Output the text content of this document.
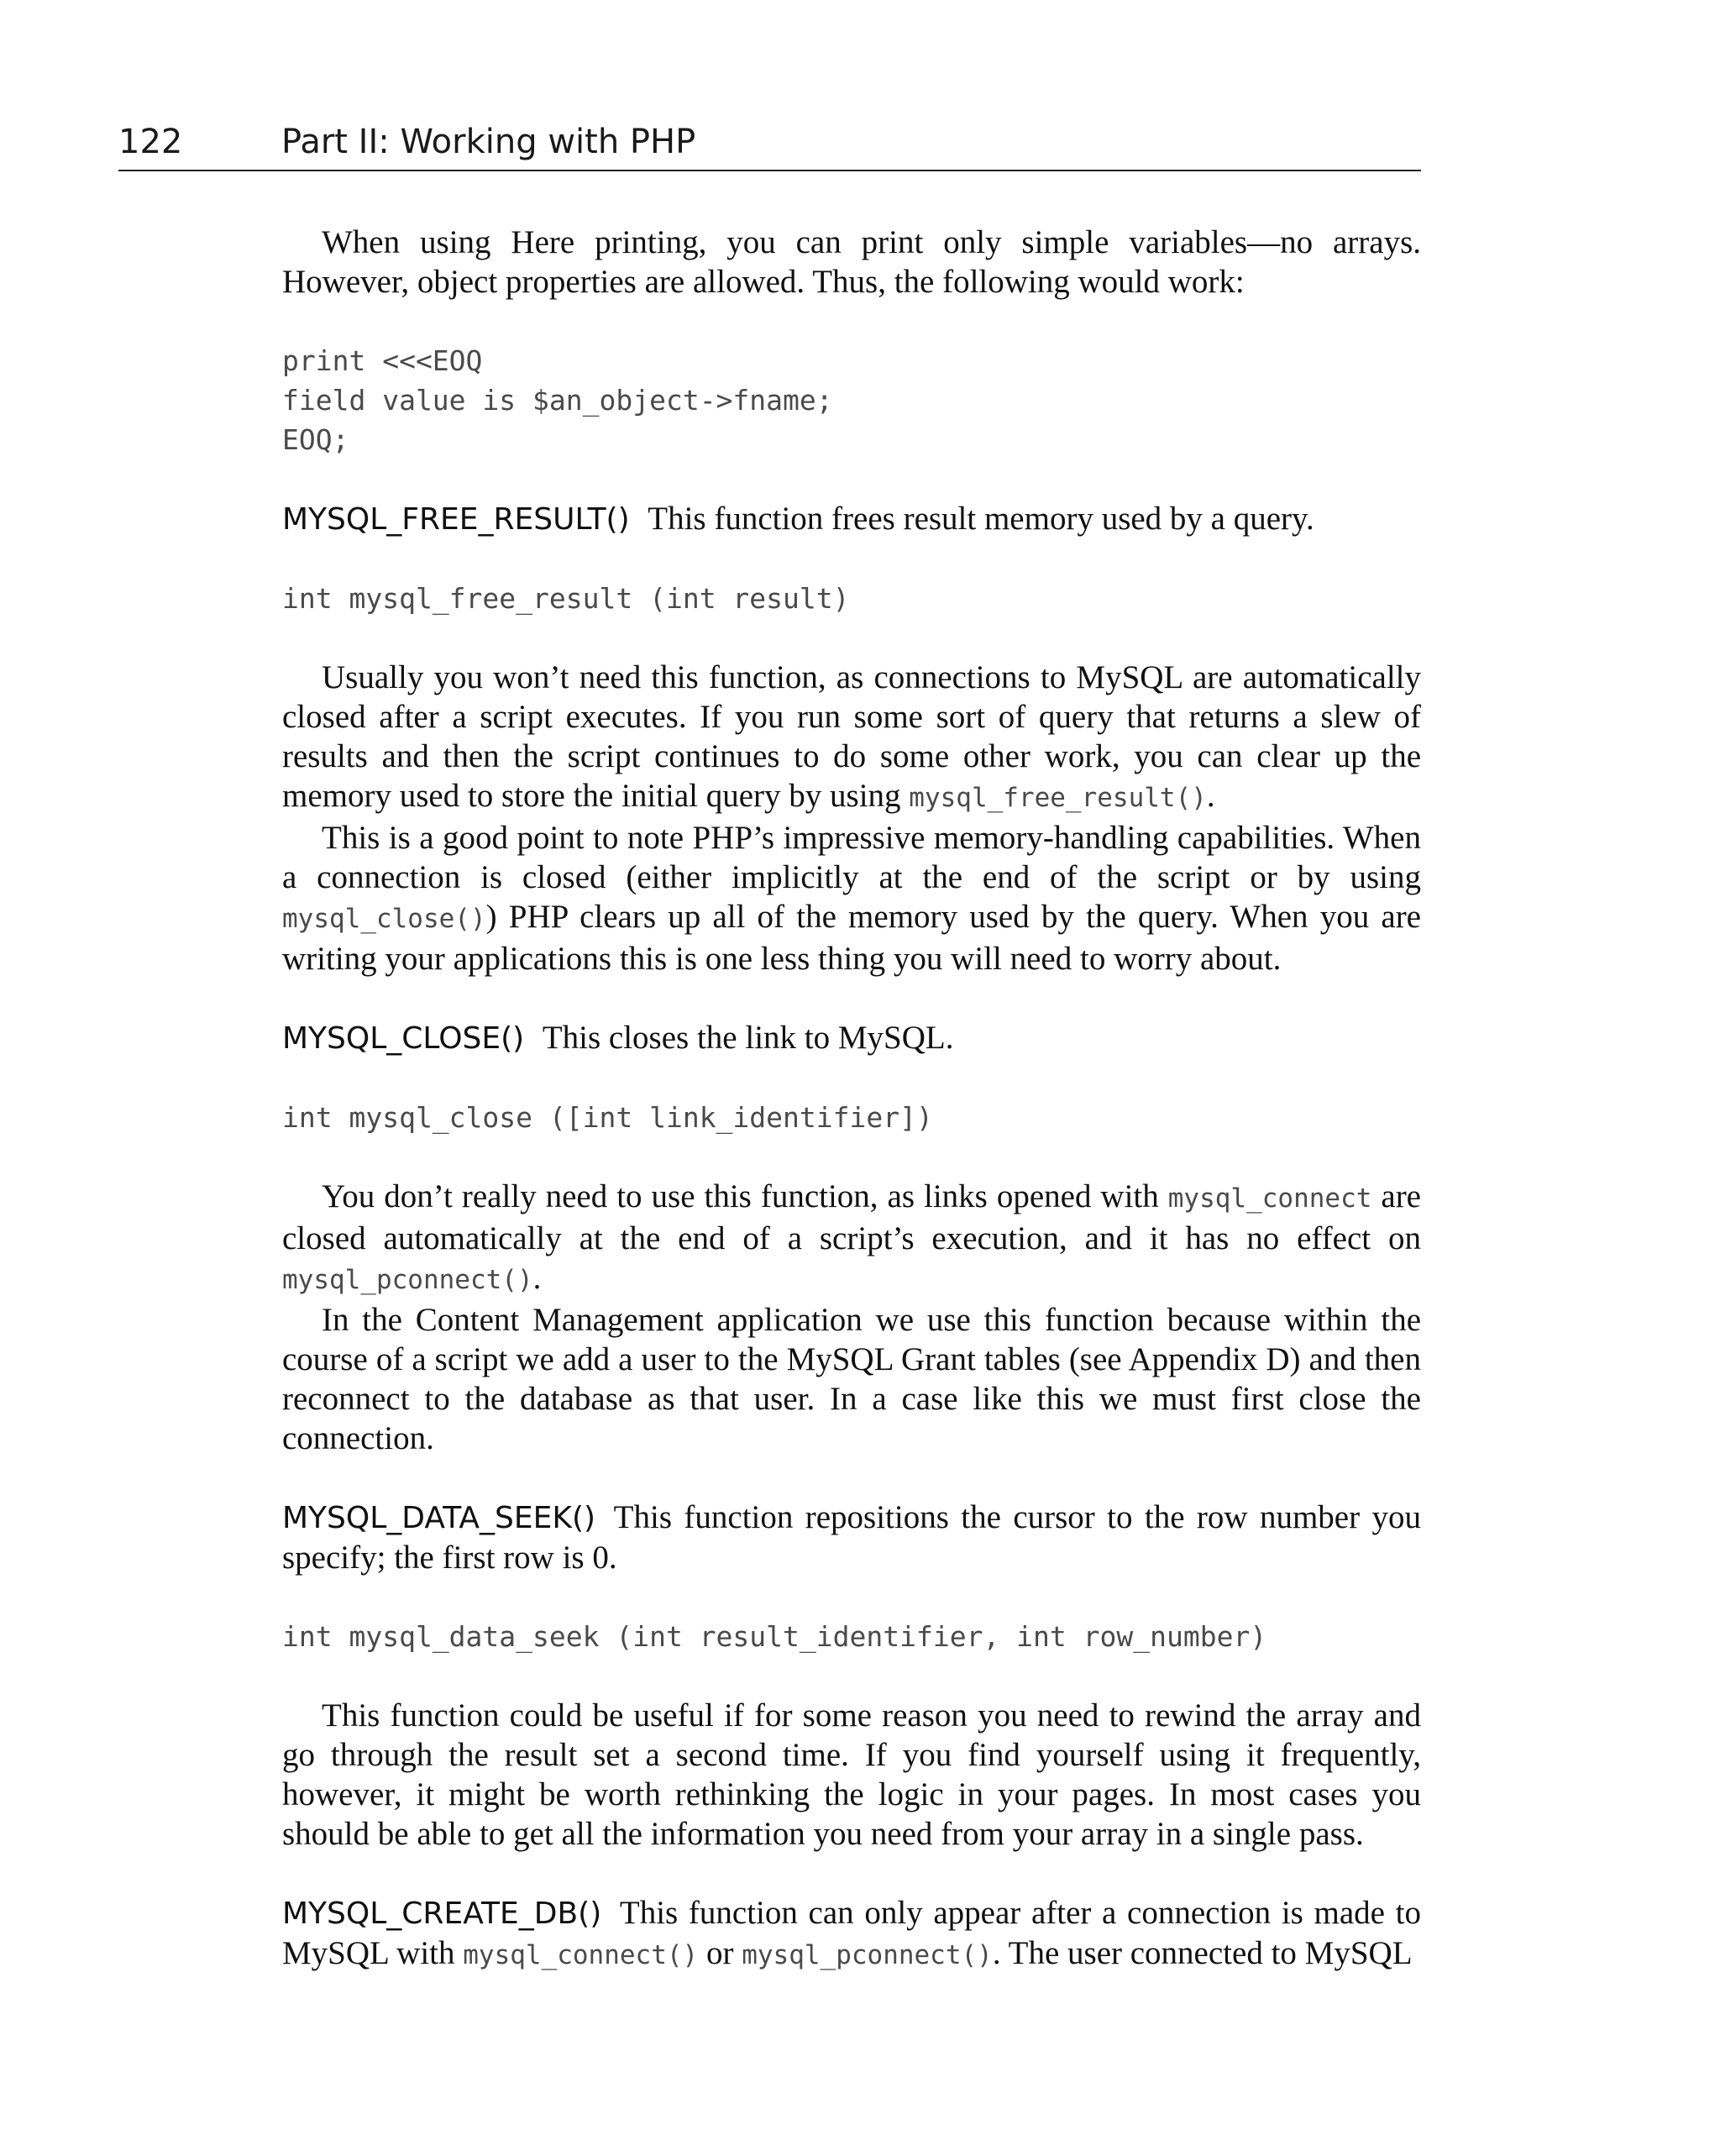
122	Part II: Working with PHP

When using Here printing, you can print only simple variables—no arrays. However, object properties are allowed. Thus, the following would work:

print <<<EOQ
field value is $an_object->fname;
EOQ;

MYSQL_FREE_RESULT() This function frees result memory used by a query.

int mysql_free_result (int result)

Usually you won’t need this function, as connections to MySQL are automatically closed after a script executes. If you run some sort of query that returns a slew of results and then the script continues to do some other work, you can clear up the memory used to store the initial query by using mysql_free_result().

This is a good point to note PHP’s impressive memory-handling capabilities. When a connection is closed (either implicitly at the end of the script or by using mysql_close()) PHP clears up all of the memory used by the query. When you are writing your applications this is one less thing you will need to worry about.

MYSQL_CLOSE() This closes the link to MySQL.

int mysql_close ([int link_identifier])

You don’t really need to use this function, as links opened with mysql_connect are closed automatically at the end of a script’s execution, and it has no effect on mysql_pconnect().

In the Content Management application we use this function because within the course of a script we add a user to the MySQL Grant tables (see Appendix D) and then reconnect to the database as that user. In a case like this we must first close the connection.

MYSQL_DATA_SEEK() This function repositions the cursor to the row number you specify; the first row is 0.

int mysql_data_seek (int result_identifier, int row_number)

This function could be useful if for some reason you need to rewind the array and go through the result set a second time. If you find yourself using it frequently, however, it might be worth rethinking the logic in your pages. In most cases you should be able to get all the information you need from your array in a single pass.

MYSQL_CREATE_DB() This function can only appear after a connection is made to MySQL with mysql_connect() or mysql_pconnect(). The user connected to MySQL
